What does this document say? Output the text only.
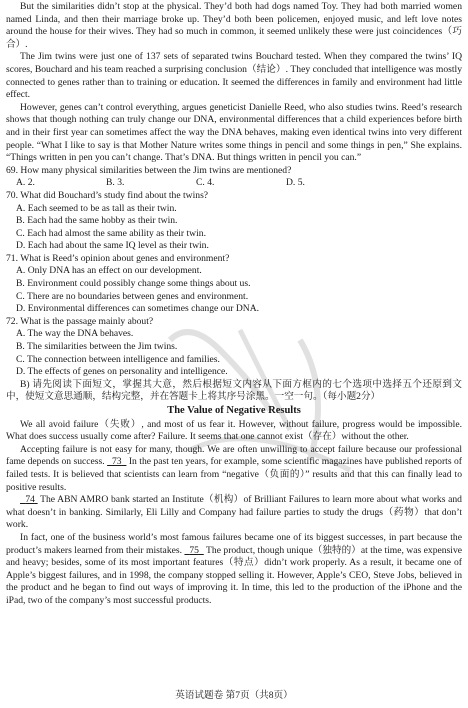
But the similarities didn’t stop at the physical. They’d both had dogs named Toy. They had both married women named Linda, and then their marriage broke up. They’d both been policemen, enjoyed music, and left love notes around the house for their wives. They had so much in common, it seemed unlikely these were just coincidences（巧合）.

The Jim twins were just one of 137 sets of separated twins Bouchard tested. When they compared the twins’ IQ scores, Bouchard and his team reached a surprising conclusion（结论）. They concluded that intelligence was mostly connected to genes rather than to training or education. It seemed the differences in family and environment had little effect.

However, genes can’t control everything, argues geneticist Danielle Reed, who also studies twins. Reed’s research shows that though nothing can truly change our DNA, environmental differences that a child experiences before birth and in their first year can sometimes affect the way the DNA behaves, making even identical twins into very different people. “What I like to say is that Mother Nature writes some things in pencil and some things in pen,” She explains. “Things written in pen you can’t change. That’s DNA. But things written in pencil you can.”

69. How many physical similarities between the Jim twins are mentioned?

A. 2.	B. 3.	C. 4.	D. 5.

70. What did Bouchard’s study find about the twins?

A. Each seemed to be as tall as their twin.

B. Each had the same hobby as their twin.

C. Each had almost the same ability as their twin.

D. Each had about the same IQ level as their twin.

71. What is Reed’s opinion about genes and environment?

A. Only DNA has an effect on our development.

B. Environment could possibly change some things about us.

C. There are no boundaries between genes and environment.

D. Environmental differences can sometimes change our DNA.

72. What is the passage mainly about?

A. The way the DNA behaves.

B. The similarities between the Jim twins.

C. The connection between intelligence and families.

D. The effects of genes on personality and intelligence.

B) 请先阅读下面短文，掌握其大意，然后根据短文内容从下面方框内的七个选项中选择五个还原到文中，使短文意思通顺，结构完整，并在答题卡上将其序号涂黑。一空一句。（每小题2分）

The Value of Negative Results

We all avoid failure（失败）, and most of us fear it. However, without failure, progress would be impossible. What does success usually come after? Failure. It seems that one cannot exist（存在）without the other.

Accepting failure is not easy for many, though. We are often unwilling to accept failure because our professional fame depends on success. 73 In the past ten years, for example, some scientific magazines have published reports of failed tests. It is believed that scientists can learn from “negative（负面的）” results and that this can finally lead to positive results.

74 The ABN AMRO bank started an Institute（机构）of Brilliant Failures to learn more about what works and what doesn’t in banking. Similarly, Eli Lilly and Company had failure parties to study the drugs（药物）that don’t work.

In fact, one of the business world’s most famous failures became one of its biggest successes, in part because the product’s makers learned from their mistakes. 75 The product, though unique（独特的）at the time, was expensive and heavy; besides, some of its most important features（特点）didn’t work properly. As a result, it became one of Apple’s biggest failures, and in 1998, the company stopped selling it. However, Apple’s CEO, Steve Jobs, believed in the product and he began to find out ways of improving it. In time, this led to the production of the iPhone and the iPad, two of the company’s most successful products.

英语试题卷 第7页（共8页）
